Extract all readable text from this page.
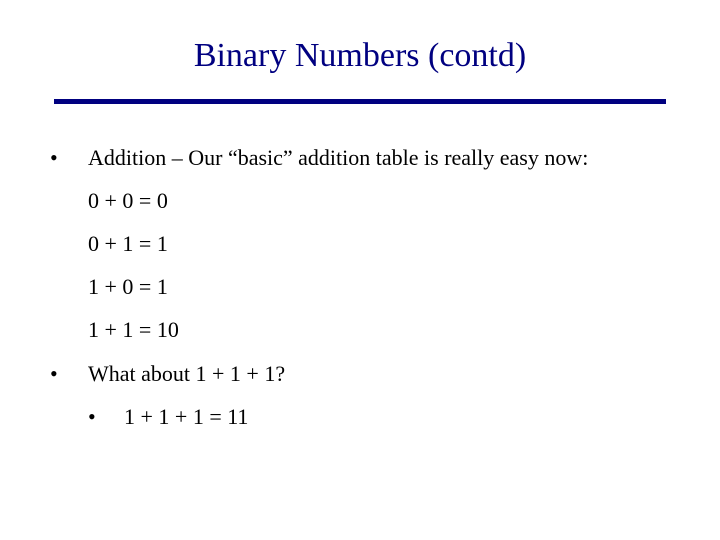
Binary Numbers (contd)
• Addition – Our “basic” addition table is really easy now:
0 + 0 = 0
0 + 1 = 1
1 + 0 = 1
1 + 1 = 10
• What about 1 + 1 + 1?
• 1 + 1 + 1 = 11
